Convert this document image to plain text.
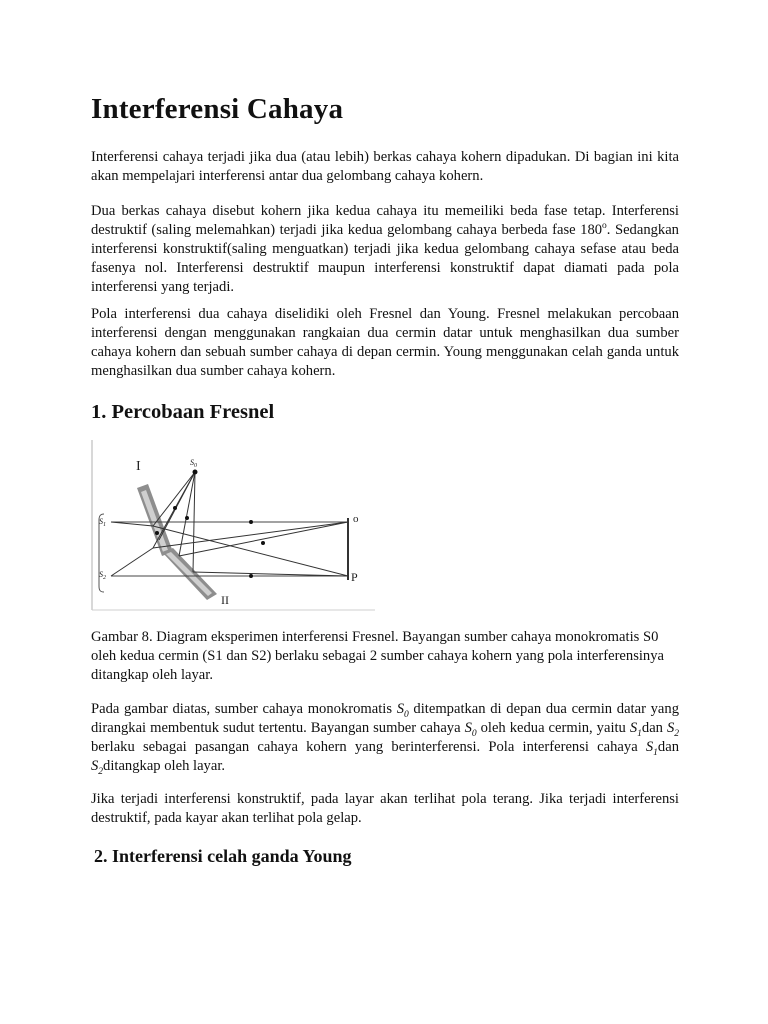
Interferensi Cahaya

Interferensi cahaya terjadi jika dua (atau lebih) berkas cahaya kohern dipadukan. Di bagian ini kita akan mempelajari interferensi antar dua gelombang cahaya kohern.

Dua berkas cahaya disebut kohern jika kedua cahaya itu memeiliki beda fase tetap. Interferensi destruktif (saling melemahkan) terjadi jika kedua gelombang cahaya berbeda fase 180$^o$. Sedangkan interferensi konstruktif(saling menguatkan) terjadi jika kedua gelombang cahaya sefase atau beda fasenya nol. Interferensi destruktif maupun interferensi konstruktif dapat diamati pada pola interferensi yang terjadi.

Pola interferensi dua cahaya diselidiki oleh Fresnel dan Young. Fresnel melakukan percobaan interferensi dengan menggunakan rangkaian dua cermin datar untuk menghasilkan dua sumber cahaya kohern dan sebuah sumber cahaya di depan cermin. Young menggunakan celah ganda untuk menghasilkan dua sumber cahaya kohern.

1. Percobaan Fresnel
I
II
$S_0$
$S_1$
$S_2$
o
P

Gambar 8. Diagram eksperimen interferensi Fresnel. Bayangan sumber cahaya monokromatis S0 oleh kedua cermin (S1 dan S2) berlaku sebagai 2 sumber cahaya kohern yang pola interferensinya ditangkap oleh layar.

Pada gambar diatas, sumber cahaya monokromatis $S_0$ ditempatkan di depan dua cermin datar yang dirangkai membentuk sudut tertentu. Bayangan sumber cahaya $S_0$ oleh kedua cermin, yaitu $S_1dan$ $S_2$ berlaku sebagai pasangan cahaya kohern yang berinterferensi. Pola interferensi cahaya $S_1dan$ $S_2ditangkap$ oleh layar.

Jika terjadi interferensi konstruktif, pada layar akan terlihat pola terang. Jika terjadi interferensi destruktif, pada kayar akan terlihat pola gelap.

2. Interferensi celah ganda Young
